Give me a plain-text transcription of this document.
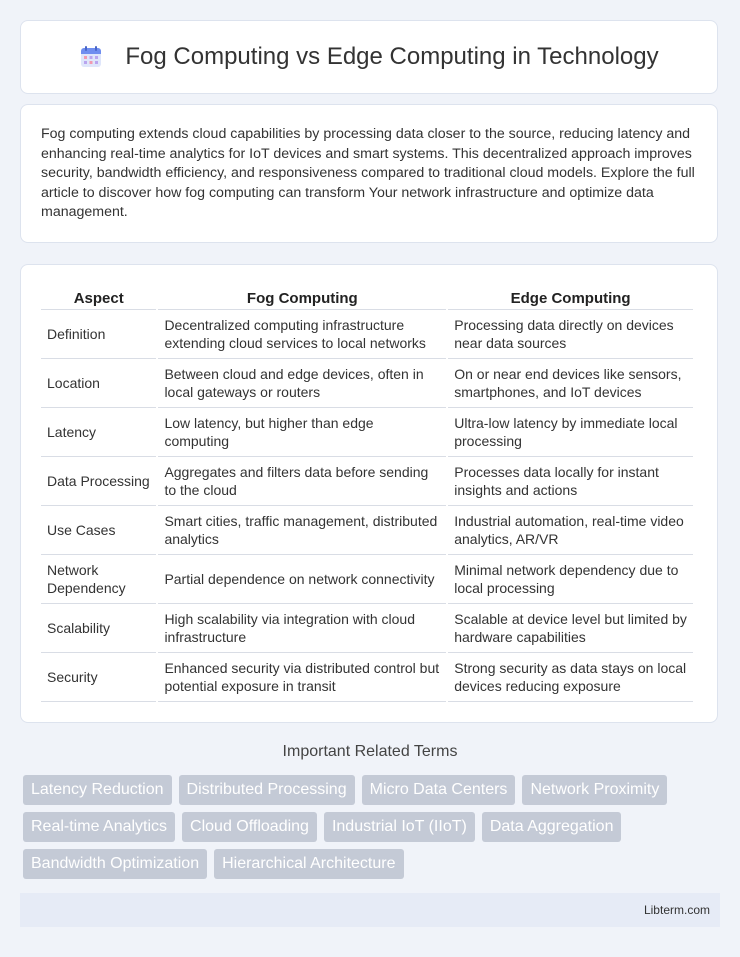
Fog Computing vs Edge Computing in Technology
Fog computing extends cloud capabilities by processing data closer to the source, reducing latency and enhancing real-time analytics for IoT devices and smart systems. This decentralized approach improves security, bandwidth efficiency, and responsiveness compared to traditional cloud models. Explore the full article to discover how fog computing can transform Your network infrastructure and optimize data management.
Aspect	Fog Computing	Edge Computing
Definition	Decentralized computing infrastructure extending cloud services to local networks	Processing data directly on devices near data sources
Location	Between cloud and edge devices, often in local gateways or routers	On or near end devices like sensors, smartphones, and IoT devices
Latency	Low latency, but higher than edge computing	Ultra-low latency by immediate local processing
Data Processing	Aggregates and filters data before sending to the cloud	Processes data locally for instant insights and actions
Use Cases	Smart cities, traffic management, distributed analytics	Industrial automation, real-time video analytics, AR/VR
Network Dependency	Partial dependence on network connectivity	Minimal network dependency due to local processing
Scalability	High scalability via integration with cloud infrastructure	Scalable at device level but limited by hardware capabilities
Security	Enhanced security via distributed control but potential exposure in transit	Strong security as data stays on local devices reducing exposure
Important Related Terms
Latency Reduction	Distributed Processing	Micro Data Centers	Network Proximity
Real-time Analytics	Cloud Offloading	Industrial IoT (IIoT)	Data Aggregation
Bandwidth Optimization	Hierarchical Architecture
Libterm.com
